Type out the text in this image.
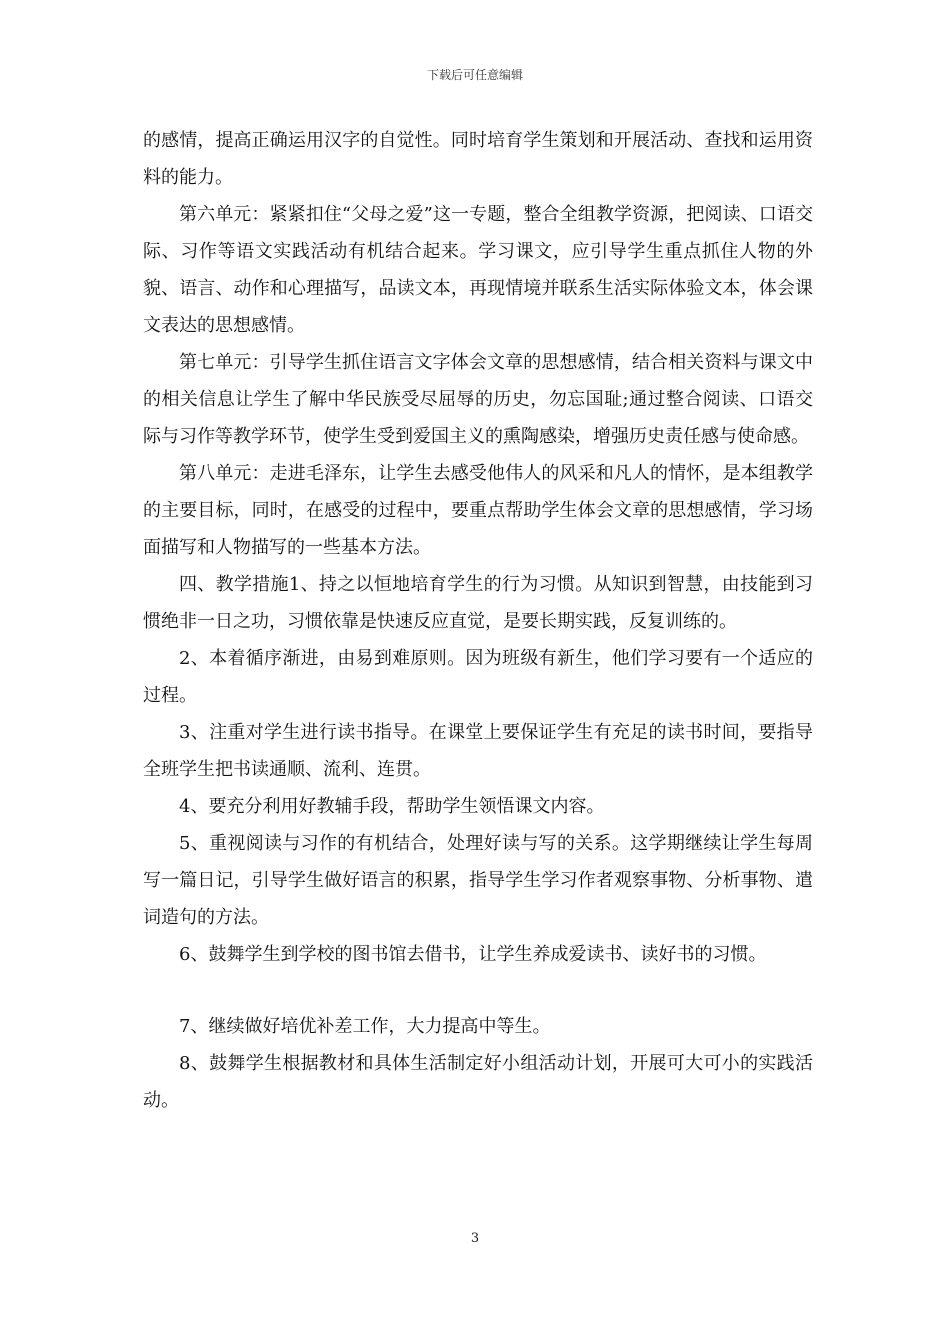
下载后可任意编辑

的感情，提高正确运用汉字的自觉性。同时培育学生策划和开展活动、查找和运用资料的能力。

第六单元：紧紧扣住“父母之爱”这一专题，整合全组教学资源，把阅读、口语交际、习作等语文实践活动有机结合起来。学习课文，应引导学生重点抓住人物的外貌、语言、动作和心理描写，品读文本，再现情境并联系生活实际体验文本，体会课文表达的思想感情。

第七单元：引导学生抓住语言文字体会文章的思想感情，结合相关资料与课文中的相关信息让学生了解中华民族受尽屈辱的历史，勿忘国耻;通过整合阅读、口语交际与习作等教学环节，使学生受到爱国主义的熏陶感染，增强历史责任感与使命感。

第八单元：走进毛泽东，让学生去感受他伟人的风采和凡人的情怀，是本组教学的主要目标，同时，在感受的过程中，要重点帮助学生体会文章的思想感情，学习场面描写和人物描写的一些基本方法。

四、教学措施1、持之以恒地培育学生的行为习惯。从知识到智慧，由技能到习惯绝非一日之功，习惯依靠是快速反应直觉，是要长期实践，反复训练的。

2、本着循序渐进，由易到难原则。因为班级有新生，他们学习要有一个适应的过程。

3、注重对学生进行读书指导。在课堂上要保证学生有充足的读书时间，要指导全班学生把书读通顺、流利、连贯。

4、要充分利用好教辅手段，帮助学生领悟课文内容。

5、重视阅读与习作的有机结合，处理好读与写的关系。这学期继续让学生每周写一篇日记，引导学生做好语言的积累，指导学生学习作者观察事物、分析事物、遣词造句的方法。

6、鼓舞学生到学校的图书馆去借书，让学生养成爱读书、读好书的习惯。

7、继续做好培优补差工作，大力提高中等生。

8、鼓舞学生根据教材和具体生活制定好小组活动计划，开展可大可小的实践活动。

3
